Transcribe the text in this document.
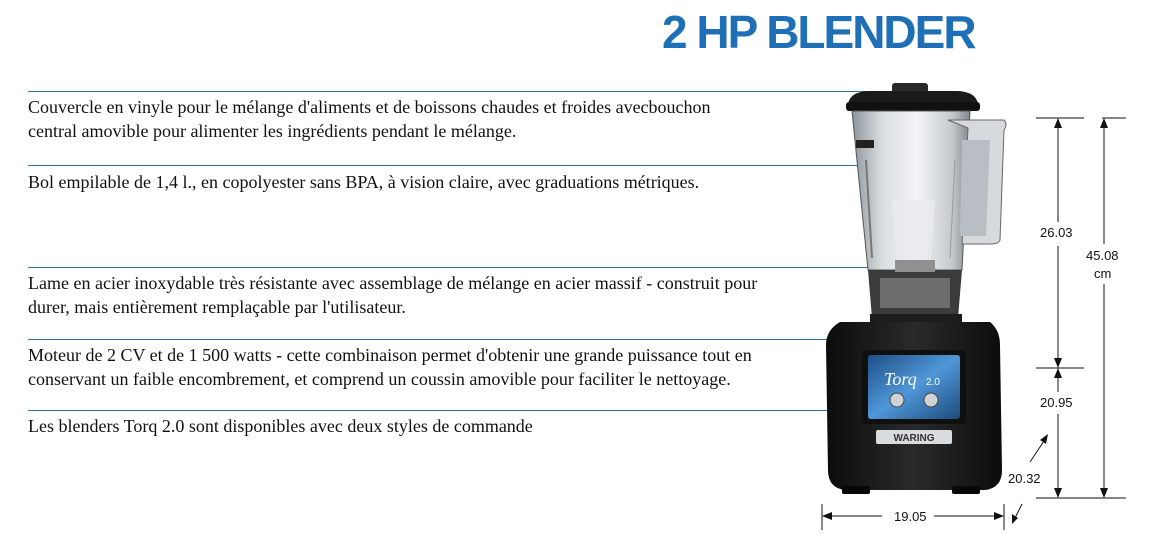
2 HP BLENDER

Couvercle en vinyle pour le mélange d'aliments et de boissons chaudes et froides avecbouchon central amovible pour alimenter les ingrédients pendant le mélange.

Bol empilable de 1,4 l., en copolyester sans BPA, à vision claire, avec graduations métriques.

Lame en acier inoxydable très résistante avec assemblage de mélange en acier massif - construit pour durer, mais entièrement remplaçable par l'utilisateur.

Moteur de 2 CV et de 1 500 watts - cette combinaison permet d'obtenir une grande puissance tout en conservant un faible encombrement, et comprend un coussin amovible pour faciliter le nettoyage.

Les blenders Torq 2.0 sont disponibles avec deux styles de commande

Torq 2.0
WARING
26.03
45.08
cm
20.95
20.32
19.05
